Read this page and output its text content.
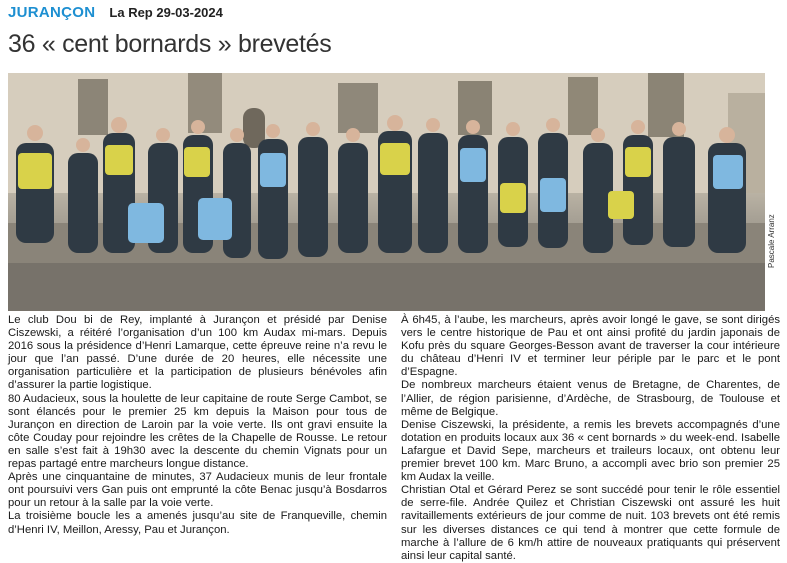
JURANÇON La Rep 29-03-2024
36 « cent bornards » brevetés
Pascale Arranz

Le club Dou bi de Rey, implanté à Jurançon et présidé par Denise Ciszewski, a réitéré l’organisation d’un 100 km Audax mi-mars. Depuis 2016 sous la présidence d’Henri Lamarque, cette épreuve reine n’a revu le jour que l’an passé. D’une durée de 20 heures, elle nécessite une organisation particulière et la participation de plusieurs bénévoles afin d’assurer la partie logistique.

80 Audacieux, sous la houlette de leur capitaine de route Serge Cambot, se sont élancés pour le premier 25 km depuis la Maison pour tous de Jurançon en direction de Laroin par la voie verte. Ils ont gravi ensuite la côte Couday pour rejoindre les crêtes de la Chapelle de Rousse. Le retour en salle s’est fait à 19h30 avec la descente du chemin Vignats pour un repas partagé entre marcheurs longue distance.

Après une cinquantaine de minutes, 37 Audacieux munis de leur frontale ont poursuivi vers Gan puis ont emprunté la côte Benac jusqu’à Bosdarros pour un retour à la salle par la voie verte.

La troisième boucle les a amenés jusqu’au site de Franqueville, chemin d’Henri IV, Meillon, Aressy, Pau et Jurançon.

À 6h45, à l’aube, les marcheurs, après avoir longé le gave, se sont dirigés vers le centre historique de Pau et ont ainsi profité du jardin japonais de Kofu près du square Georges-Besson avant de traverser la cour intérieure du château d’Henri IV et terminer leur périple par le parc et le pont d’Espagne.

De nombreux marcheurs étaient venus de Bretagne, de Charentes, de l’Allier, de région parisienne, d’Ardèche, de Strasbourg, de Toulouse et même de Belgique.

Denise Ciszewski, la présidente, a remis les brevets accompagnés d’une dotation en produits locaux aux 36 « cent bornards » du week-end. Isabelle Lafargue et David Sepe, marcheurs et traileurs locaux, ont obtenu leur premier brevet 100 km. Marc Bruno, a accompli avec brio son premier 25 km Audax la veille.

Christian Otal et Gérard Perez se sont succédé pour tenir le rôle essentiel de serre-file. Andrée Quilez et Christian Ciszewski ont assuré les huit ravitaillements extérieurs de jour comme de nuit. 103 brevets ont été remis sur les diverses distances ce qui tend à montrer que cette formule de marche à l’allure de 6 km/h attire de nouveaux pratiquants qui préservent ainsi leur capital santé.
